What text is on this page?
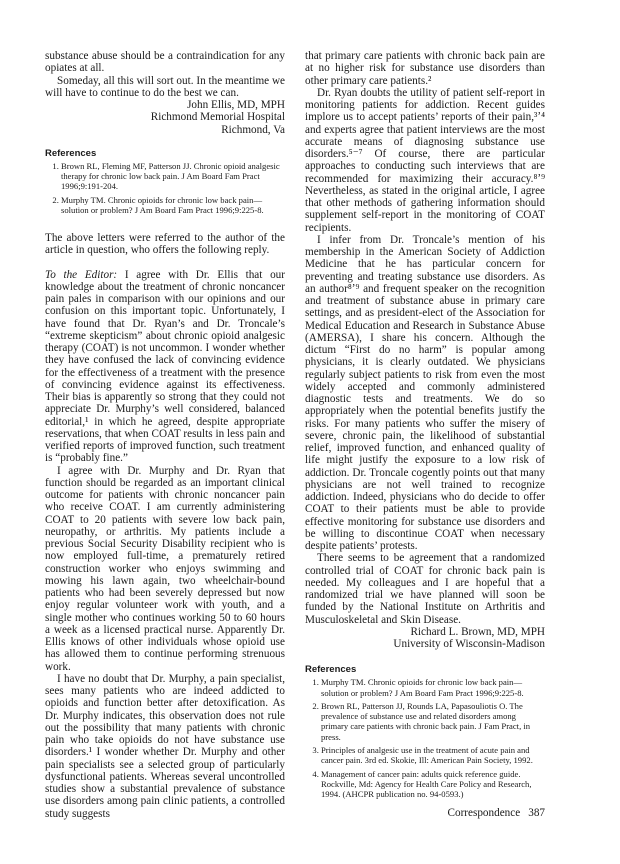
substance abuse should be a contraindication for any opiates at all.

Someday, all this will sort out. In the meantime we will have to continue to do the best we can.

John Ellis, MD, MPH
Richmond Memorial Hospital
Richmond, Va
References
1. Brown RL, Fleming MF, Patterson JJ. Chronic opioid analgesic therapy for chronic low back pain. J Am Board Fam Pract 1996;9:191-204.
2. Murphy TM. Chronic opioids for chronic low back pain—solution or problem? J Am Board Fam Pract 1996;9:225-8.

The above letters were referred to the author of the article in question, who offers the following reply.

To the Editor: I agree with Dr. Ellis that our knowledge about the treatment of chronic noncancer pain pales in comparison with our opinions and our confusion on this important topic. Unfortunately, I have found that Dr. Ryan’s and Dr. Troncale’s “extreme skepticism” about chronic opioid analgesic therapy (COAT) is not uncommon. I wonder whether they have confused the lack of convincing evidence for the effectiveness of a treatment with the presence of convincing evidence against its effectiveness. Their bias is apparently so strong that they could not appreciate Dr. Murphy’s well considered, balanced editorial,¹ in which he agreed, despite appropriate reservations, that when COAT results in less pain and verified reports of improved function, such treatment is “probably fine.”

I agree with Dr. Murphy and Dr. Ryan that function should be regarded as an important clinical outcome for patients with chronic noncancer pain who receive COAT. I am currently administering COAT to 20 patients with severe low back pain, neuropathy, or arthritis. My patients include a previous Social Security Disability recipient who is now employed full-time, a prematurely retired construction worker who enjoys swimming and mowing his lawn again, two wheelchair-bound patients who had been severely depressed but now enjoy regular volunteer work with youth, and a single mother who continues working 50 to 60 hours a week as a licensed practical nurse. Apparently Dr. Ellis knows of other individuals whose opioid use has allowed them to continue performing strenuous work.

I have no doubt that Dr. Murphy, a pain specialist, sees many patients who are indeed addicted to opioids and function better after detoxification. As Dr. Murphy indicates, this observation does not rule out the possibility that many patients with chronic pain who take opioids do not have substance use disorders.¹ I wonder whether Dr. Murphy and other pain specialists see a selected group of particularly dysfunctional patients. Whereas several uncontrolled studies show a substantial prevalence of substance use disorders among pain clinic patients, a controlled study suggests

that primary care patients with chronic back pain are at no higher risk for substance use disorders than other primary care patients.²

Dr. Ryan doubts the utility of patient self-report in monitoring patients for addiction. Recent guides implore us to accept patients’ reports of their pain,³ʼ⁴ and experts agree that patient interviews are the most accurate means of diagnosing substance use disorders.⁵⁻⁷ Of course, there are particular approaches to conducting such interviews that are recommended for maximizing their accuracy.⁸ʼ⁹ Nevertheless, as stated in the original article, I agree that other methods of gathering information should supplement self-report in the monitoring of COAT recipients.

I infer from Dr. Troncale’s mention of his membership in the American Society of Addiction Medicine that he has particular concern for preventing and treating substance use disorders. As an author⁸ʼ⁹ and frequent speaker on the recognition and treatment of substance abuse in primary care settings, and as president-elect of the Association for Medical Education and Research in Substance Abuse (AMERSA), I share his concern. Although the dictum “First do no harm” is popular among physicians, it is clearly outdated. We physicians regularly subject patients to risk from even the most widely accepted and commonly administered diagnostic tests and treatments. We do so appropriately when the potential benefits justify the risks. For many patients who suffer the misery of severe, chronic pain, the likelihood of substantial relief, improved function, and enhanced quality of life might justify the exposure to a low risk of addiction. Dr. Troncale cogently points out that many physicians are not well trained to recognize addiction. Indeed, physicians who do decide to offer COAT to their patients must be able to provide effective monitoring for substance use disorders and be willing to discontinue COAT when necessary despite patients’ protests.

There seems to be agreement that a randomized controlled trial of COAT for chronic back pain is needed. My colleagues and I are hopeful that a randomized trial we have planned will soon be funded by the National Institute on Arthritis and Musculoskeletal and Skin Disease.

Richard L. Brown, MD, MPH
University of Wisconsin-Madison
References
1. Murphy TM. Chronic opioids for chronic low back pain—solution or problem? J Am Board Fam Pract 1996;9:225-8.
2. Brown RL, Patterson JJ, Rounds LA, Papasouliotis O. The prevalence of substance use and related disorders among primary care patients with chronic back pain. J Fam Pract, in press.
3. Principles of analgesic use in the treatment of acute pain and cancer pain. 3rd ed. Skokie, Ill: American Pain Society, 1992.
4. Management of cancer pain: adults quick reference guide. Rockville, Md: Agency for Health Care Policy and Research, 1994. (AHCPR publication no. 94-0593.)
Correspondence 387
